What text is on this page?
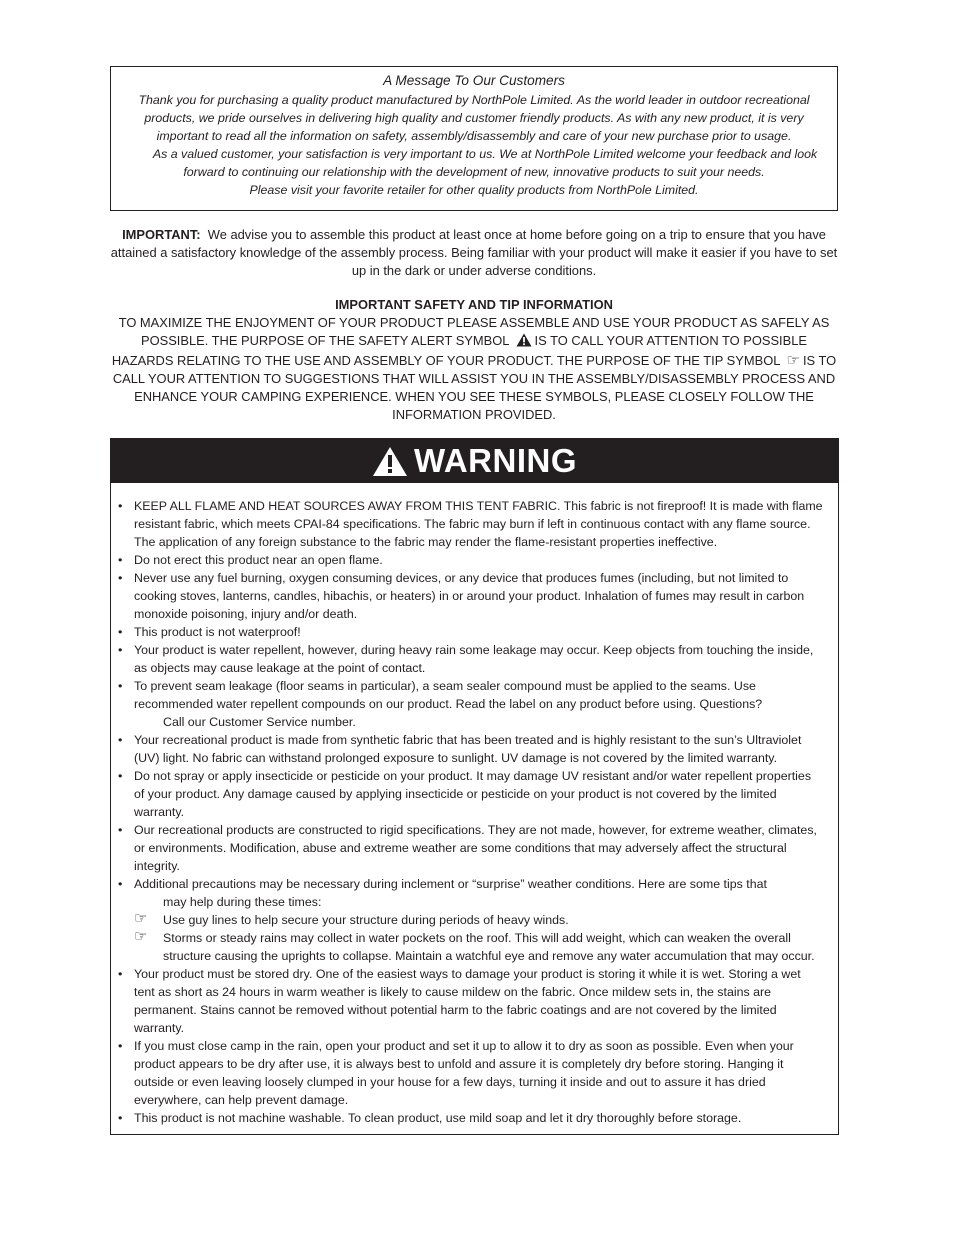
A Message To Our Customers

Thank you for purchasing a quality product manufactured by NorthPole Limited. As the world leader in outdoor recreational products, we pride ourselves in delivering high quality and customer friendly products. As with any new product, it is very important to read all the information on safety, assembly/disassembly and care of your new purchase prior to usage.

As a valued customer, your satisfaction is very important to us. We at NorthPole Limited welcome your feedback and look forward to continuing our relationship with the development of new, innovative products to suit your needs.

Please visit your favorite retailer for other quality products from NorthPole Limited.

IMPORTANT: We advise you to assemble this product at least once at home before going on a trip to ensure that you have attained a satisfactory knowledge of the assembly process. Being familiar with your product will make it easier if you have to set up in the dark or under adverse conditions.

IMPORTANT SAFETY AND TIP INFORMATION

TO MAXIMIZE THE ENJOYMENT OF YOUR PRODUCT PLEASE ASSEMBLE AND USE YOUR PRODUCT AS SAFELY AS POSSIBLE. THE PURPOSE OF THE SAFETY ALERT SYMBOL IS TO CALL YOUR ATTENTION TO POSSIBLE HAZARDS RELATING TO THE USE AND ASSEMBLY OF YOUR PRODUCT. THE PURPOSE OF THE TIP SYMBOL ☞ IS TO CALL YOUR ATTENTION TO SUGGESTIONS THAT WILL ASSIST YOU IN THE ASSEMBLY/DISASSEMBLY PROCESS AND ENHANCE YOUR CAMPING EXPERIENCE. WHEN YOU SEE THESE SYMBOLS, PLEASE CLOSELY FOLLOW THE INFORMATION PROVIDED.

WARNING
• KEEP ALL FLAME AND HEAT SOURCES AWAY FROM THIS TENT FABRIC. This fabric is not fireproof! It is made with flame resistant fabric, which meets CPAI-84 specifications. The fabric may burn if left in continuous contact with any flame source. The application of any foreign substance to the fabric may render the flame-resistant properties ineffective.
• Do not erect this product near an open flame.
• Never use any fuel burning, oxygen consuming devices, or any device that produces fumes (including, but not limited to cooking stoves, lanterns, candles, hibachis, or heaters) in or around your product. Inhalation of fumes may result in carbon monoxide poisoning, injury and/or death.
• This product is not waterproof!
• Your product is water repellent, however, during heavy rain some leakage may occur. Keep objects from touching the inside, as objects may cause leakage at the point of contact.
• To prevent seam leakage (floor seams in particular), a seam sealer compound must be applied to the seams. Use recommended water repellent compounds on our product. Read the label on any product before using. Questions?
Call our Customer Service number.
• Your recreational product is made from synthetic fabric that has been treated and is highly resistant to the sun’s Ultraviolet (UV) light. No fabric can withstand prolonged exposure to sunlight. UV damage is not covered by the limited warranty.
• Do not spray or apply insecticide or pesticide on your product. It may damage UV resistant and/or water repellent properties of your product. Any damage caused by applying insecticide or pesticide on your product is not covered by the limited warranty.
• Our recreational products are constructed to rigid specifications. They are not made, however, for extreme weather, climates, or environments. Modification, abuse and extreme weather are some conditions that may adversely affect the structural integrity.
• Additional precautions may be necessary during inclement or “surprise” weather conditions. Here are some tips that
may help during these times:
☞ Use guy lines to help secure your structure during periods of heavy winds.
☞ Storms or steady rains may collect in water pockets on the roof. This will add weight, which can weaken the overall structure causing the uprights to collapse. Maintain a watchful eye and remove any water accumulation that may occur.
• Your product must be stored dry. One of the easiest ways to damage your product is storing it while it is wet. Storing a wet tent as short as 24 hours in warm weather is likely to cause mildew on the fabric. Once mildew sets in, the stains are permanent. Stains cannot be removed without potential harm to the fabric coatings and are not covered by the limited warranty.
• If you must close camp in the rain, open your product and set it up to allow it to dry as soon as possible. Even when your product appears to be dry after use, it is always best to unfold and assure it is completely dry before storing. Hanging it outside or even leaving loosely clumped in your house for a few days, turning it inside and out to assure it has dried everywhere, can help prevent damage.
• This product is not machine washable. To clean product, use mild soap and let it dry thoroughly before storage.
